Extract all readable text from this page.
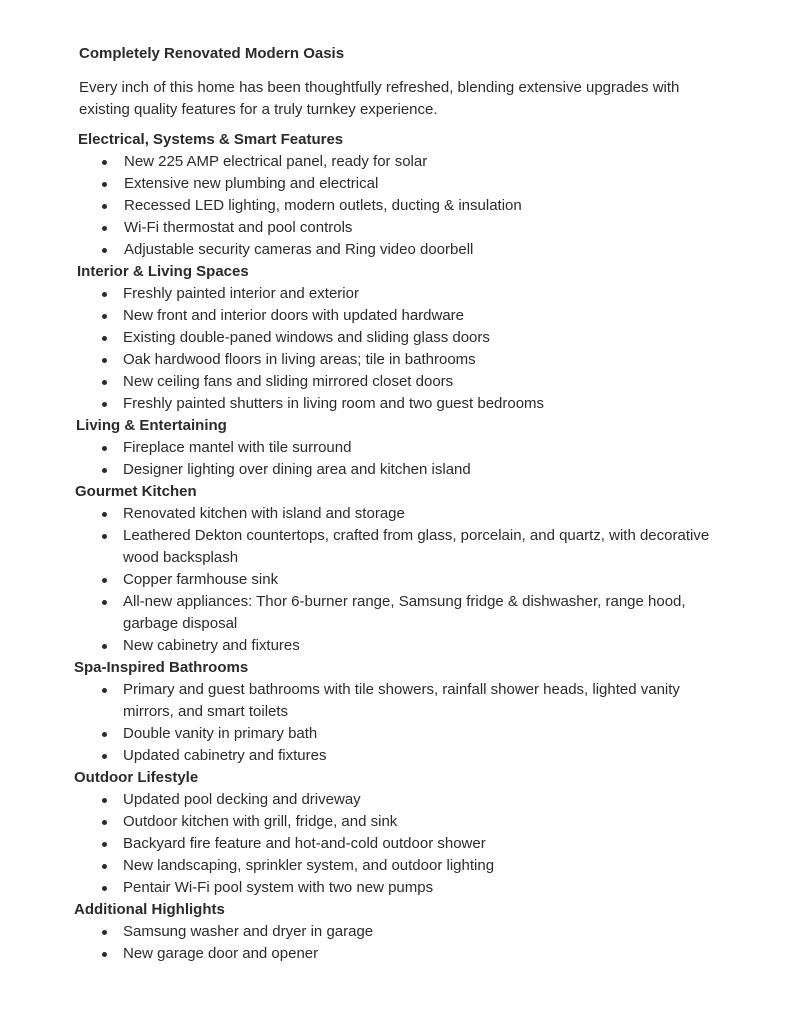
Completely Renovated Modern Oasis
Every inch of this home has been thoughtfully refreshed, blending extensive upgrades with existing quality features for a truly turnkey experience.
Electrical, Systems & Smart Features
New 225 AMP electrical panel, ready for solar
Extensive new plumbing and electrical
Recessed LED lighting, modern outlets, ducting & insulation
Wi-Fi thermostat and pool controls
Adjustable security cameras and Ring video doorbell
Interior & Living Spaces
Freshly painted interior and exterior
New front and interior doors with updated hardware
Existing double-paned windows and sliding glass doors
Oak hardwood floors in living areas; tile in bathrooms
New ceiling fans and sliding mirrored closet doors
Freshly painted shutters in living room and two guest bedrooms
Living & Entertaining
Fireplace mantel with tile surround
Designer lighting over dining area and kitchen island
Gourmet Kitchen
Renovated kitchen with island and storage
Leathered Dekton countertops, crafted from glass, porcelain, and quartz, with decorative wood backsplash
Copper farmhouse sink
All-new appliances: Thor 6-burner range, Samsung fridge & dishwasher, range hood, garbage disposal
New cabinetry and fixtures
Spa-Inspired Bathrooms
Primary and guest bathrooms with tile showers, rainfall shower heads, lighted vanity mirrors, and smart toilets
Double vanity in primary bath
Updated cabinetry and fixtures
Outdoor Lifestyle
Updated pool decking and driveway
Outdoor kitchen with grill, fridge, and sink
Backyard fire feature and hot-and-cold outdoor shower
New landscaping, sprinkler system, and outdoor lighting
Pentair Wi-Fi pool system with two new pumps
Additional Highlights
Samsung washer and dryer in garage
New garage door and opener
